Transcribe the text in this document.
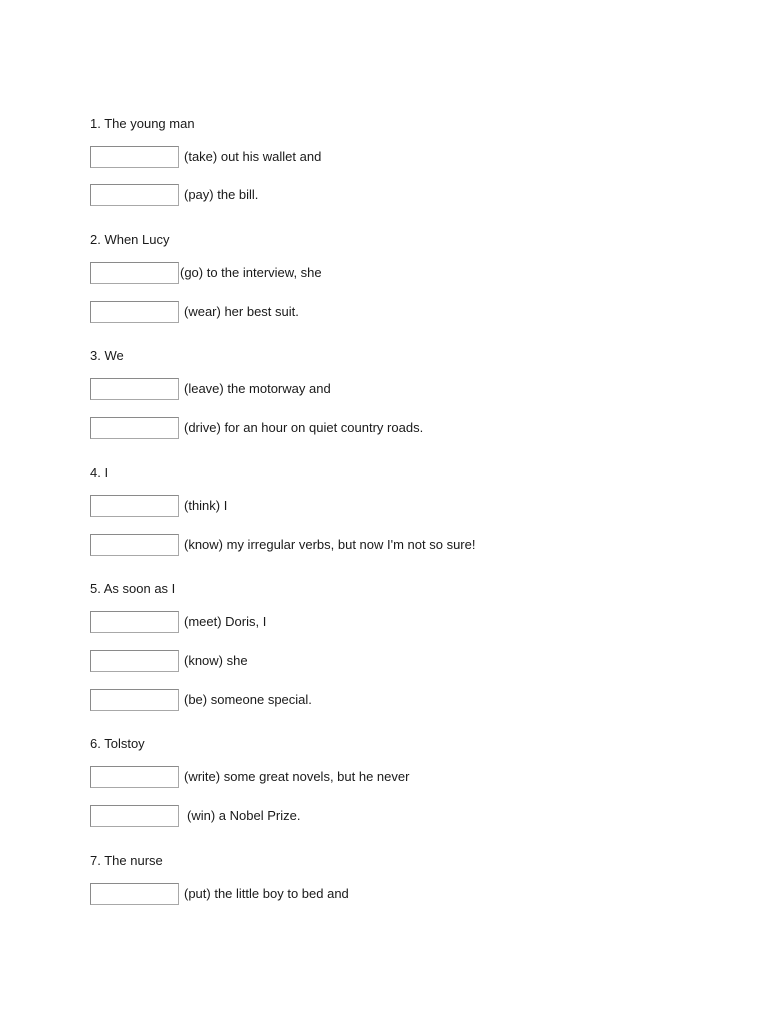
1. The young man
(take) out his wallet and
(pay) the bill.
2. When Lucy
(go) to the interview, she
(wear) her best suit.
3. We
(leave) the motorway and
(drive) for an hour on quiet country roads.
4. I
(think) I
(know) my irregular verbs, but now I'm not so sure!
5. As soon as I
(meet) Doris, I
(know) she
(be) someone special.
6. Tolstoy
(write) some great novels, but he never
(win) a Nobel Prize.
7. The nurse
(put) the little boy to bed and
